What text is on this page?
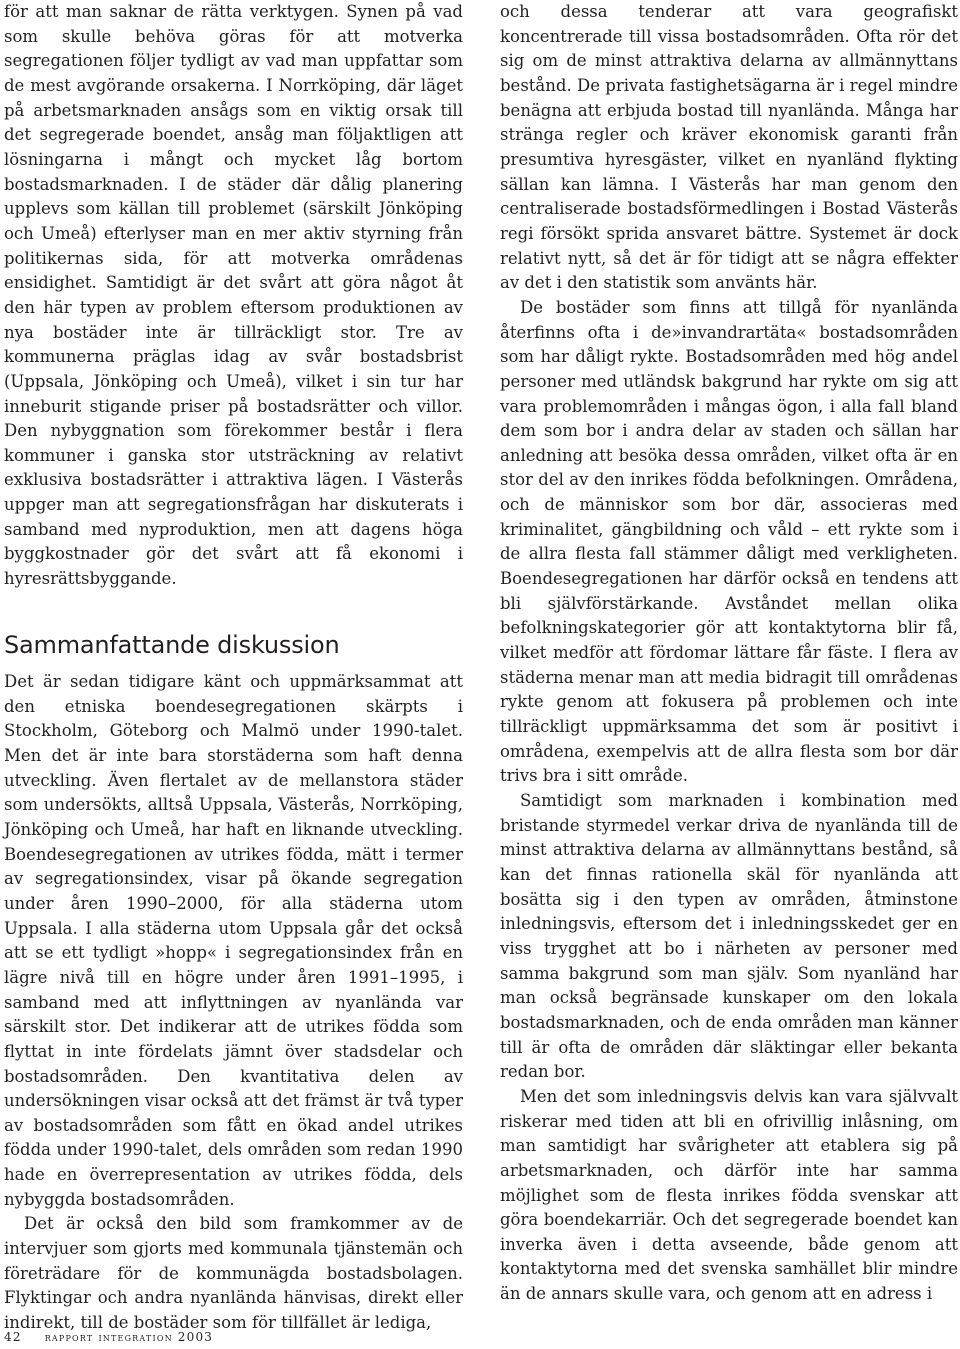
för att man saknar de rätta verktygen. Synen på vad som skulle behöva göras för att motverka segregationen följer tydligt av vad man uppfattar som de mest avgörande orsakerna. I Norrköping, där läget på arbetsmarknaden ansågs som en viktig orsak till det segregerade boendet, ansåg man följaktligen att lösningarna i mångt och mycket låg bortom bostadsmarknaden. I de städer där dålig planering upplevs som källan till problemet (särskilt Jönköping och Umeå) efterlyser man en mer aktiv styrning från politikernas sida, för att motverka områdenas ensidighet. Samtidigt är det svårt att göra något åt den här typen av problem eftersom produktionen av nya bostäder inte är tillräckligt stor. Tre av kommunerna präglas idag av svår bostadsbrist (Uppsala, Jönköping och Umeå), vilket i sin tur har inneburit stigande priser på bostadsrätter och villor. Den nybyggnation som förekommer består i flera kommuner i ganska stor utsträckning av relativt exklusiva bostadsrätter i attraktiva lägen. I Västerås uppger man att segregationsfrågan har diskuterats i samband med nyproduktion, men att dagens höga byggkostnader gör det svårt att få ekonomi i hyresrättsbyggande.

Sammanfattande diskussion

Det är sedan tidigare känt och uppmärksammat att den etniska boendesegregationen skärpts i Stockholm, Göteborg och Malmö under 1990-talet. Men det är inte bara storstäderna som haft denna utveckling. Även flertalet av de mellanstora städer som undersökts, alltså Uppsala, Västerås, Norrköping, Jönköping och Umeå, har haft en liknande utveckling. Boendesegregationen av utrikes födda, mätt i termer av segregationsindex, visar på ökande segregation under åren 1990–2000, för alla städerna utom Uppsala. I alla städerna utom Uppsala går det också att se ett tydligt »hopp« i segregationsindex från en lägre nivå till en högre under åren 1991–1995, i samband med att inflyttningen av nyanlända var särskilt stor. Det indikerar att de utrikes födda som flyttat in inte fördelats jämnt över stadsdelar och bostadsområden. Den kvantitativa delen av undersökningen visar också att det främst är två typer av bostadsområden som fått en ökad andel utrikes födda under 1990-talet, dels områden som redan 1990 hade en överrepresentation av utrikes födda, dels nybyggda bostadsområden.

Det är också den bild som framkommer av de intervjuer som gjorts med kommunala tjänstemän och företrädare för de kommunägda bostadsbolagen. Flyktingar och andra nyanlända hänvisas, direkt eller indirekt, till de bostäder som för tillfället är lediga,

och dessa tenderar att vara geografiskt koncentrerade till vissa bostadsområden. Ofta rör det sig om de minst attraktiva delarna av allmännyttans bestånd. De privata fastighetsägarna är i regel mindre benägna att erbjuda bostad till nyanlända. Många har stränga regler och kräver ekonomisk garanti från presumtiva hyresgäster, vilket en nyanländ flykting sällan kan lämna. I Västerås har man genom den centraliserade bostadsförmedlingen i Bostad Västerås regi försökt sprida ansvaret bättre. Systemet är dock relativt nytt, så det är för tidigt att se några effekter av det i den statistik som använts här.

De bostäder som finns att tillgå för nyanlända återfinns ofta i de»invandrartäta« bostadsområden som har dåligt rykte. Bostadsområden med hög andel personer med utländsk bakgrund har rykte om sig att vara problemområden i mångas ögon, i alla fall bland dem som bor i andra delar av staden och sällan har anledning att besöka dessa områden, vilket ofta är en stor del av den inrikes födda befolkningen. Områdena, och de människor som bor där, associeras med kriminalitet, gängbildning och våld – ett rykte som i de allra flesta fall stämmer dåligt med verkligheten. Boendesegregationen har därför också en tendens att bli självförstärkande. Avståndet mellan olika befolkningskategorier gör att kontaktytorna blir få, vilket medför att fördomar lättare får fäste. I flera av städerna menar man att media bidragit till områdenas rykte genom att fokusera på problemen och inte tillräckligt uppmärksamma det som är positivt i områdena, exempelvis att de allra flesta som bor där trivs bra i sitt område.

Samtidigt som marknaden i kombination med bristande styrmedel verkar driva de nyanlända till de minst attraktiva delarna av allmännyttans bestånd, så kan det finnas rationella skäl för nyanlända att bosätta sig i den typen av områden, åtminstone inledningsvis, eftersom det i inledningsskedet ger en viss trygghet att bo i närheten av personer med samma bakgrund som man själv. Som nyanländ har man också begränsade kunskaper om den lokala bostadsmarknaden, och de enda områden man känner till är ofta de områden där släktingar eller bekanta redan bor.

Men det som inledningsvis delvis kan vara självvalt riskerar med tiden att bli en ofrivillig inlåsning, om man samtidigt har svårigheter att etablera sig på arbetsmarknaden, och därför inte har samma möjlighet som de flesta inrikes födda svenskar att göra boendekarriär. Och det segregerade boendet kan inverka även i detta avseende, både genom att kontaktytorna med det svenska samhället blir mindre än de annars skulle vara, och genom att en adress i

42 rapport integration 2003
